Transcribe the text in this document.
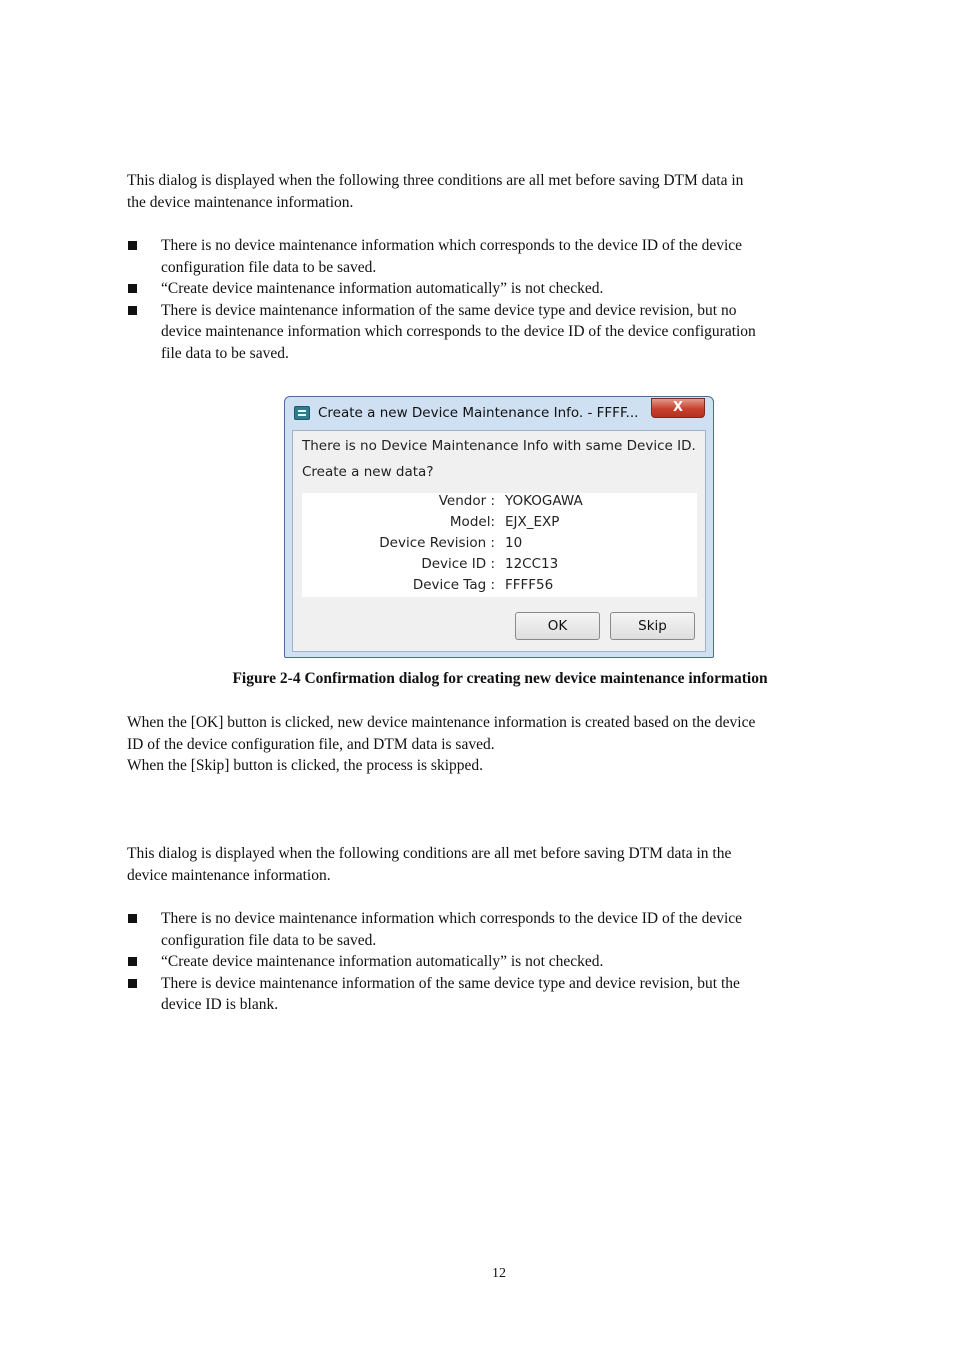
This dialog is displayed when the following three conditions are all met before saving DTM data in
the device maintenance information.

There is no device maintenance information which corresponds to the device ID of the device
configuration file data to be saved.
“Create device maintenance information automatically” is not checked.
There is device maintenance information of the same device type and device revision, but no
device maintenance information which corresponds to the device ID of the device configuration
file data to be saved.
Create a new Device Maintenance Info. - FFFF...	X
There is no Device Maintenance Info with same Device ID.
Create a new data?
Vendor : YOKOGAWA
Model: EJX_EXP
Device Revision : 10
Device ID : 12CC13
Device Tag : FFFF56
OK	Skip
Figure 2-4 Confirmation dialog for creating new device maintenance information

When the [OK] button is clicked, new device maintenance information is created based on the device
ID of the device configuration file, and DTM data is saved.
When the [Skip] button is clicked, the process is skipped.

This dialog is displayed when the following conditions are all met before saving DTM data in the
device maintenance information.

There is no device maintenance information which corresponds to the device ID of the device
configuration file data to be saved.
“Create device maintenance information automatically” is not checked.
There is device maintenance information of the same device type and device revision, but the
device ID is blank.
12
